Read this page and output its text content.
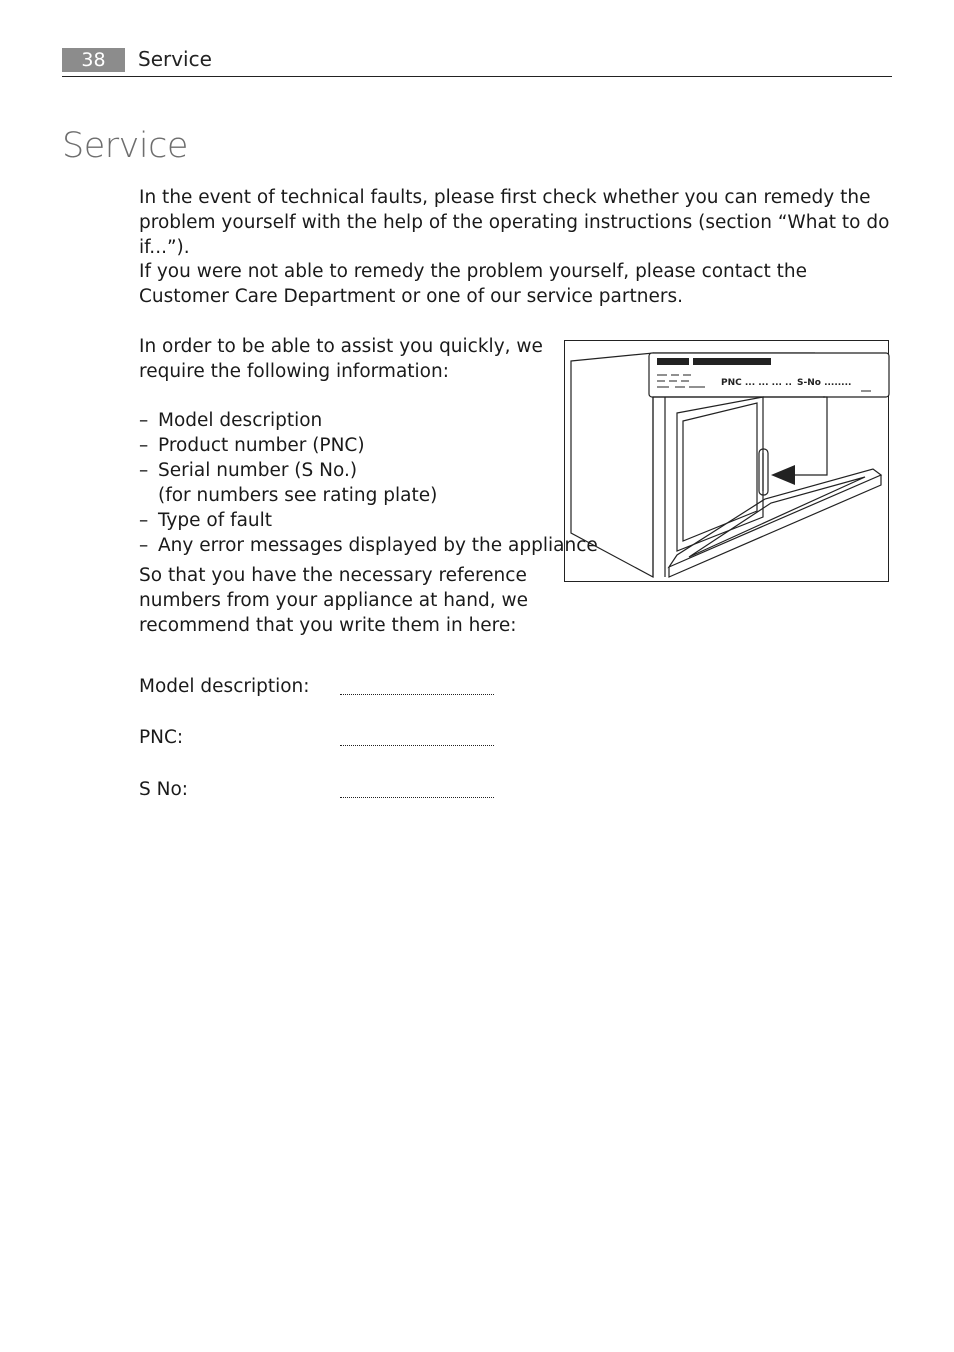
38	Service
Service

In the event of technical faults, please first check whether you can remedy the problem yourself with the help of the operating instructions (section “What to do if...”).

If you were not able to remedy the problem yourself, please contact the Customer Care Department or one of our service partners.

In order to be able to assist you quickly, we require the following information:

– Model description
– Product number (PNC)
– Serial number (S No.)
(for numbers see rating plate)
– Type of fault
– Any error messages displayed by the appliance

So that you have the necessary reference numbers from your appliance at hand, we recommend that you write them in here:

Model description:
PNC:
S No:
PNC ... ... ... .. S-No ........
